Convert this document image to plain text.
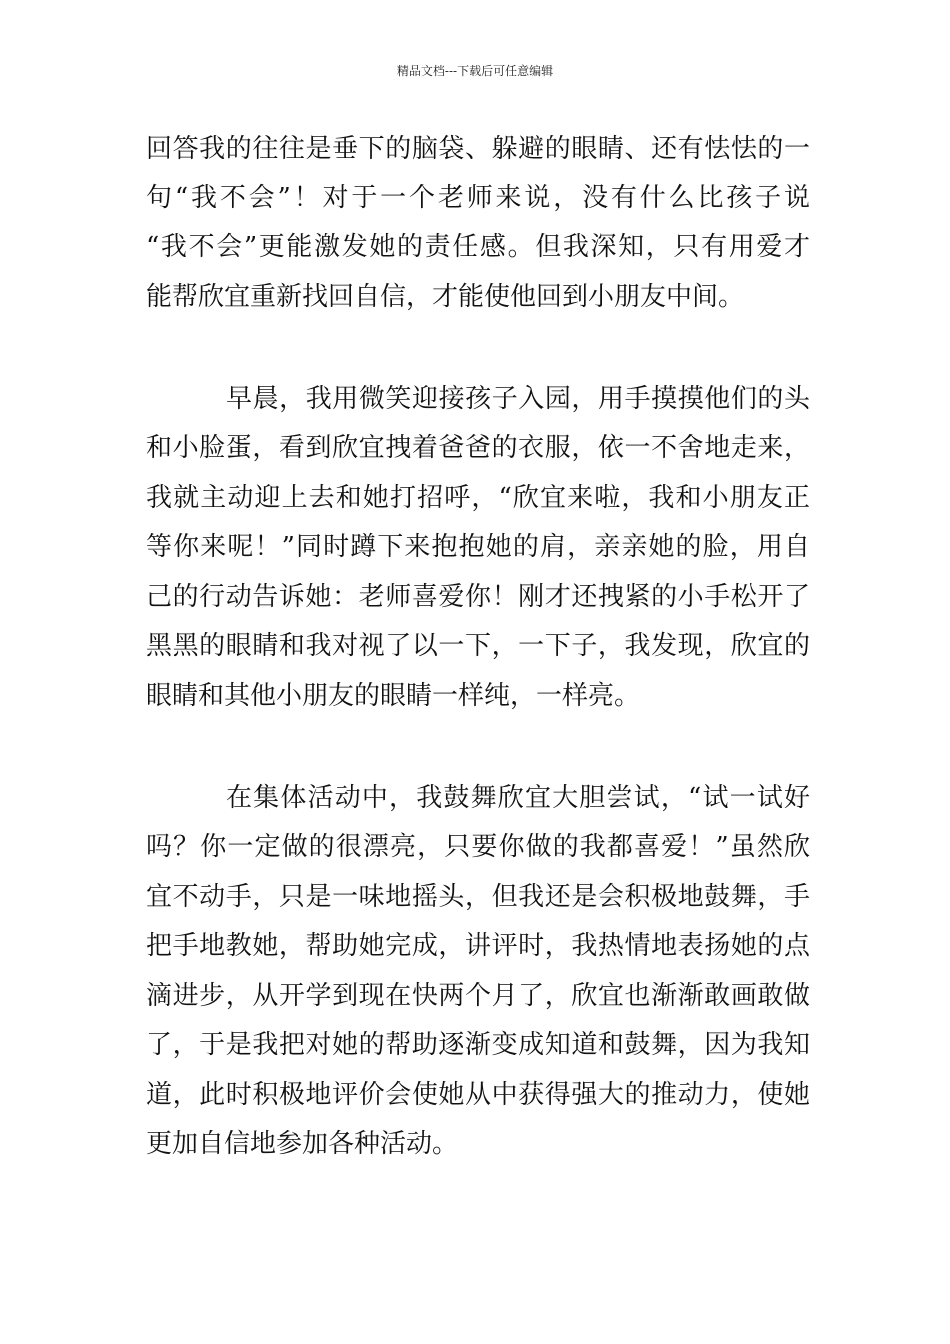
精品文档---下载后可任意编辑
回答我的往往是垂下的脑袋、躲避的眼睛、还有怯怯的一
句“我不会”！对于一个老师来说，没有什么比孩子说
“我不会”更能激发她的责任感。但我深知，只有用爱才
能帮欣宜重新找回自信，才能使他回到小朋友中间。
早晨，我用微笑迎接孩子入园，用手摸摸他们的头
和小脸蛋，看到欣宜拽着爸爸的衣服，依一不舍地走来，
我就主动迎上去和她打招呼，“欣宜来啦，我和小朋友正
等你来呢！”同时蹲下来抱抱她的肩，亲亲她的脸，用自
己的行动告诉她：老师喜爱你！刚才还拽紧的小手松开了
黑黑的眼睛和我对视了以一下，一下子，我发现，欣宜的
眼睛和其他小朋友的眼睛一样纯，一样亮。
在集体活动中，我鼓舞欣宜大胆尝试，“试一试好
吗？你一定做的很漂亮，只要你做的我都喜爱！”虽然欣
宜不动手，只是一味地摇头，但我还是会积极地鼓舞，手
把手地教她，帮助她完成，讲评时，我热情地表扬她的点
滴进步，从开学到现在快两个月了，欣宜也渐渐敢画敢做
了，于是我把对她的帮助逐渐变成知道和鼓舞，因为我知
道，此时积极地评价会使她从中获得强大的推动力，使她
更加自信地参加各种活动。
